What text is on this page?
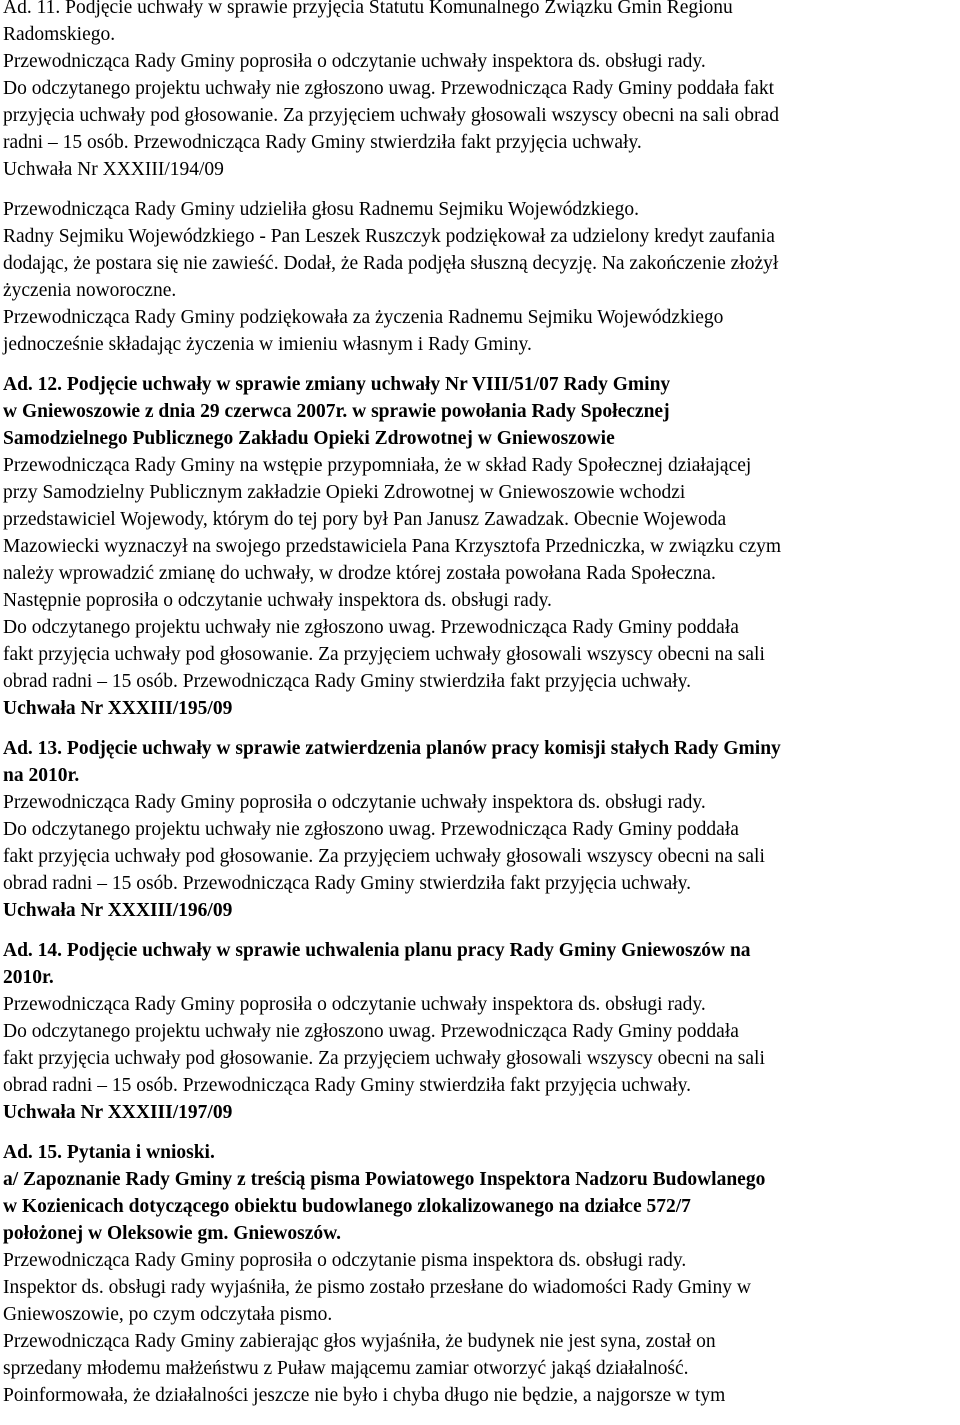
Ad. 11. Podjęcie uchwały w sprawie przyjęcia Statutu Komunalnego Związku Gmin Regionu

Radomskiego.

Przewodnicząca Rady Gminy poprosiła o odczytanie uchwały inspektora ds. obsługi rady.

Do odczytanego projektu uchwały nie zgłoszono uwag. Przewodnicząca Rady Gminy poddała fakt

przyjęcia uchwały pod głosowanie. Za przyjęciem uchwały głosowali wszyscy obecni na sali obrad

radni – 15 osób. Przewodnicząca Rady Gminy stwierdziła fakt przyjęcia uchwały.

Uchwała Nr XXXIII/194/09

Przewodnicząca Rady Gminy udzieliła głosu Radnemu Sejmiku Wojewódzkiego.

Radny Sejmiku Wojewódzkiego - Pan Leszek Ruszczyk podziękował za udzielony kredyt zaufania

dodając, że postara się nie zawieść. Dodał, że Rada podjęła słuszną decyzję. Na zakończenie złożył

życzenia noworoczne.

Przewodnicząca Rady Gminy podziękowała za życzenia Radnemu Sejmiku Wojewódzkiego

jednocześnie składając życzenia w imieniu własnym i Rady Gminy.

Ad. 12. Podjęcie uchwały w sprawie zmiany uchwały Nr VIII/51/07 Rady Gminy

w Gniewoszowie z dnia 29 czerwca 2007r. w sprawie powołania Rady Społecznej

Samodzielnego Publicznego Zakładu Opieki Zdrowotnej w Gniewoszowie

Przewodnicząca Rady Gminy na wstępie przypomniała, że w skład Rady Społecznej działającej

przy Samodzielny Publicznym zakładzie Opieki Zdrowotnej w Gniewoszowie wchodzi

przedstawiciel Wojewody, którym do tej pory był Pan Janusz Zawadzak. Obecnie Wojewoda

Mazowiecki wyznaczył na swojego przedstawiciela Pana Krzysztofa Przedniczka, w związku czym

należy wprowadzić zmianę do uchwały, w drodze której została powołana Rada Społeczna.

Następnie poprosiła o odczytanie uchwały inspektora ds. obsługi rady.

Do odczytanego projektu uchwały nie zgłoszono uwag. Przewodnicząca Rady Gminy poddała

fakt przyjęcia uchwały pod głosowanie. Za przyjęciem uchwały głosowali wszyscy obecni na sali

obrad radni – 15 osób. Przewodnicząca Rady Gminy stwierdziła fakt przyjęcia uchwały.

Uchwała Nr XXXIII/195/09

Ad. 13. Podjęcie uchwały w sprawie zatwierdzenia planów pracy komisji stałych Rady Gminy

na 2010r.

Przewodnicząca Rady Gminy poprosiła o odczytanie uchwały inspektora ds. obsługi rady.

Do odczytanego projektu uchwały nie zgłoszono uwag. Przewodnicząca Rady Gminy poddała

fakt przyjęcia uchwały pod głosowanie. Za przyjęciem uchwały głosowali wszyscy obecni na sali

obrad radni – 15 osób. Przewodnicząca Rady Gminy stwierdziła fakt przyjęcia uchwały.

Uchwała Nr XXXIII/196/09

Ad. 14. Podjęcie uchwały w sprawie uchwalenia planu pracy Rady Gminy Gniewoszów na

2010r.

Przewodnicząca Rady Gminy poprosiła o odczytanie uchwały inspektora ds. obsługi rady.

Do odczytanego projektu uchwały nie zgłoszono uwag. Przewodnicząca Rady Gminy poddała

fakt przyjęcia uchwały pod głosowanie. Za przyjęciem uchwały głosowali wszyscy obecni na sali

obrad radni – 15 osób. Przewodnicząca Rady Gminy stwierdziła fakt przyjęcia uchwały.

Uchwała Nr XXXIII/197/09

Ad. 15. Pytania i wnioski.

a/ Zapoznanie Rady Gminy z treścią pisma Powiatowego Inspektora Nadzoru Budowlanego

w Kozienicach dotyczącego obiektu budowlanego zlokalizowanego na działce 572/7

położonej w Oleksowie gm. Gniewoszów.

Przewodnicząca Rady Gminy poprosiła o odczytanie pisma inspektora ds. obsługi rady.

Inspektor ds. obsługi rady wyjaśniła, że pismo zostało przesłane do wiadomości Rady Gminy w

Gniewoszowie, po czym odczytała pismo.

Przewodnicząca Rady Gminy zabierając głos wyjaśniła, że budynek nie jest syna, został on

sprzedany młodemu małżeństwu z Puław mającemu zamiar otworzyć jakąś działalność.

Poinformowała, że działalności jeszcze nie było i chyba długo nie będzie, a najgorsze w tym
